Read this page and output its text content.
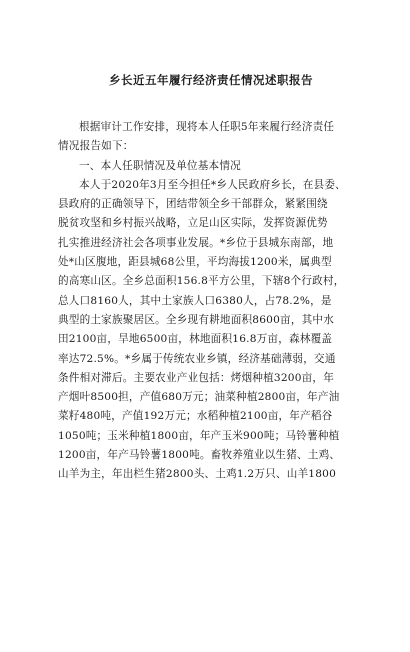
乡长近五年履行经济责任情况述职报告
根据审计工作安排，现将本人任职5年来履行经济责任
情况报告如下：
一、本人任职情况及单位基本情况
本人于2020年3月至今担任*乡人民政府乡长，在县委、
县政府的正确领导下，团结带领全乡干部群众，紧紧围绕
脱贫攻坚和乡村振兴战略，立足山区实际，发挥资源优势
扎实推进经济社会各项事业发展。*乡位于县城东南部，地
处*山区腹地，距县城68公里，平均海拔1200米，属典型
的高寒山区。全乡总面积156.8平方公里，下辖8个行政村，
总人口8160人，其中土家族人口6380人，占78.2%，是
典型的土家族聚居区。全乡现有耕地面积8600亩，其中水
田2100亩，旱地6500亩，林地面积16.8万亩，森林覆盖
率达72.5%。*乡属于传统农业乡镇，经济基础薄弱，交通
条件相对滞后。主要农业产业包括：烤烟种植3200亩，年
产烟叶8500担，产值680万元；油菜种植2800亩，年产油
菜籽480吨，产值192万元；水稻种植2100亩，年产稻谷
1050吨；玉米种植1800亩，年产玉米900吨；马铃薯种植
1200亩，年产马铃薯1800吨。畜牧养殖业以生猪、土鸡、
山羊为主，年出栏生猪2800头、土鸡1.2万只、山羊1800
